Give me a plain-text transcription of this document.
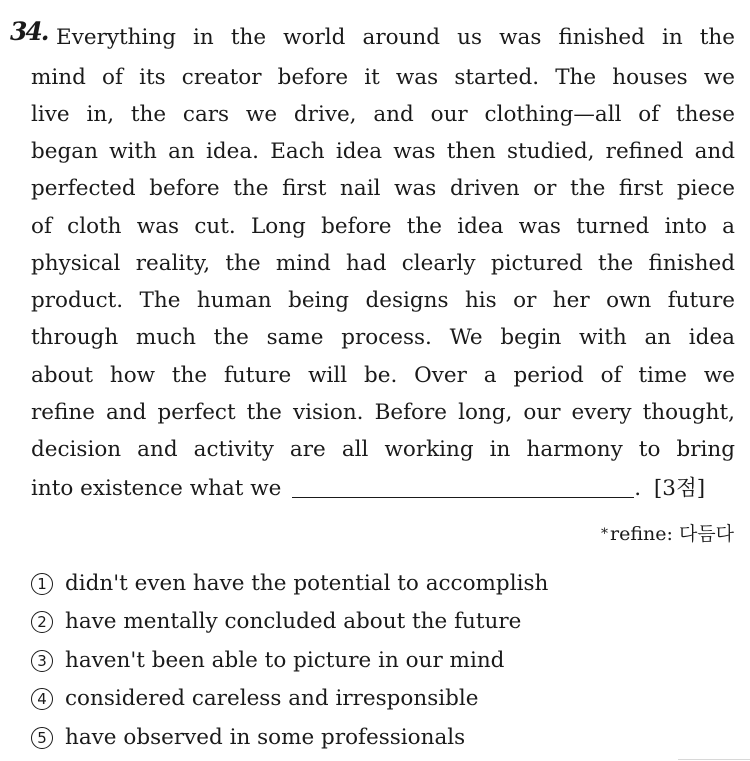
34. Everything in the world around us was finished in the
mind of its creator before it was started. The houses we
live in, the cars we drive, and our clothing—all of these
began with an idea. Each idea was then studied, refined and
perfected before the first nail was driven or the first piece
of cloth was cut. Long before the idea was turned into a
physical reality, the mind had clearly pictured the finished
product. The human being designs his or her own future
through much the same process. We begin with an idea
about how the future will be. Over a period of time we
refine and perfect the vision. Before long, our every thought,
decision and activity are all working in harmony to bring
into existence what we	. [3점]
* refine: 다듬다
1 didn't even have the potential to accomplish
2 have mentally concluded about the future
3 haven't been able to picture in our mind
4 considered careless and irresponsible
5 have observed in some professionals
